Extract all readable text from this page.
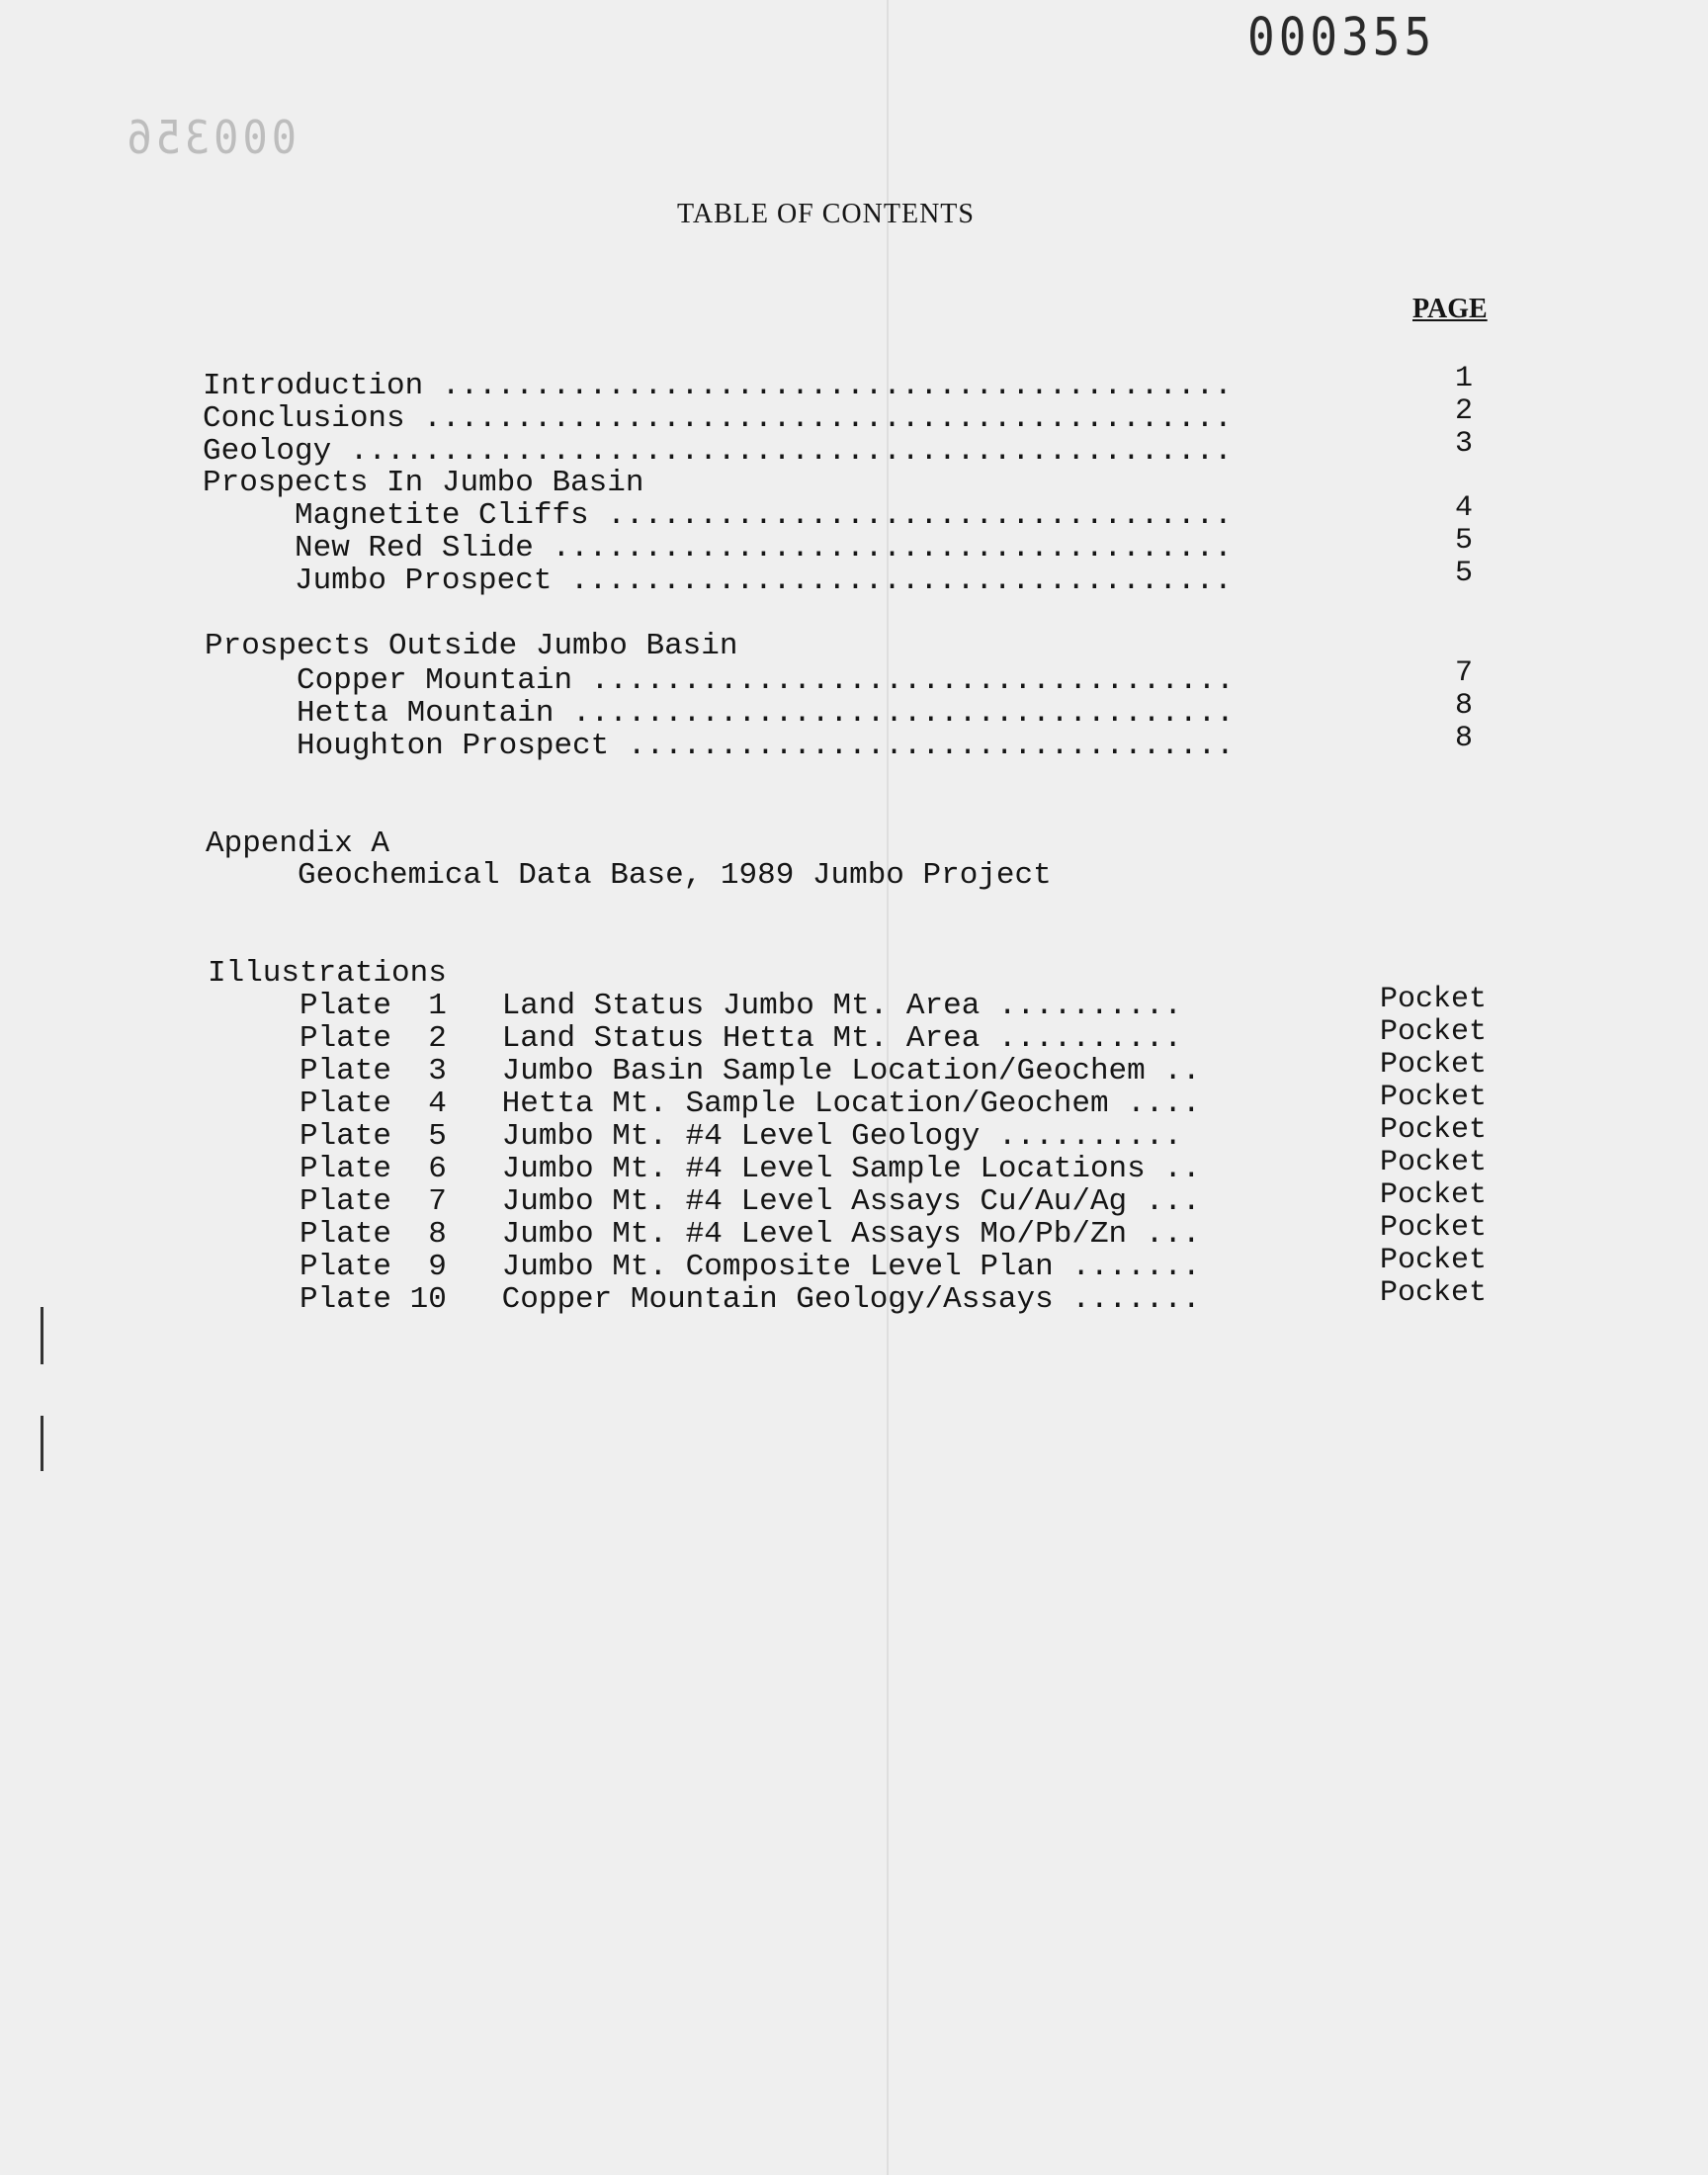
000355
000356
TABLE OF CONTENTS
PAGE
Introduction ...........................................	1
Conclusions ............................................	2
Geology ................................................	3
Prospects In Jumbo Basin
Magnetite Cliffs ..................................	4
New Red Slide .....................................	5
Jumbo Prospect ....................................	5
Prospects Outside Jumbo Basin
Copper Mountain ...................................	7
Hetta Mountain ....................................	8
Houghton Prospect .................................	8
Appendix A
Geochemical Data Base, 1989 Jumbo Project
Illustrations
Plate  1   Land Status Jumbo Mt. Area ..........	Pocket
Plate  2   Land Status Hetta Mt. Area ..........	Pocket
Plate  3   Jumbo Basin Sample Location/Geochem ..	Pocket
Plate  4   Hetta Mt. Sample Location/Geochem ....	Pocket
Plate  5   Jumbo Mt. #4 Level Geology ..........	Pocket
Plate  6   Jumbo Mt. #4 Level Sample Locations ..	Pocket
Plate  7   Jumbo Mt. #4 Level Assays Cu/Au/Ag ...	Pocket
Plate  8   Jumbo Mt. #4 Level Assays Mo/Pb/Zn ...	Pocket
Plate  9   Jumbo Mt. Composite Level Plan .......	Pocket
Plate 10   Copper Mountain Geology/Assays .......	Pocket
